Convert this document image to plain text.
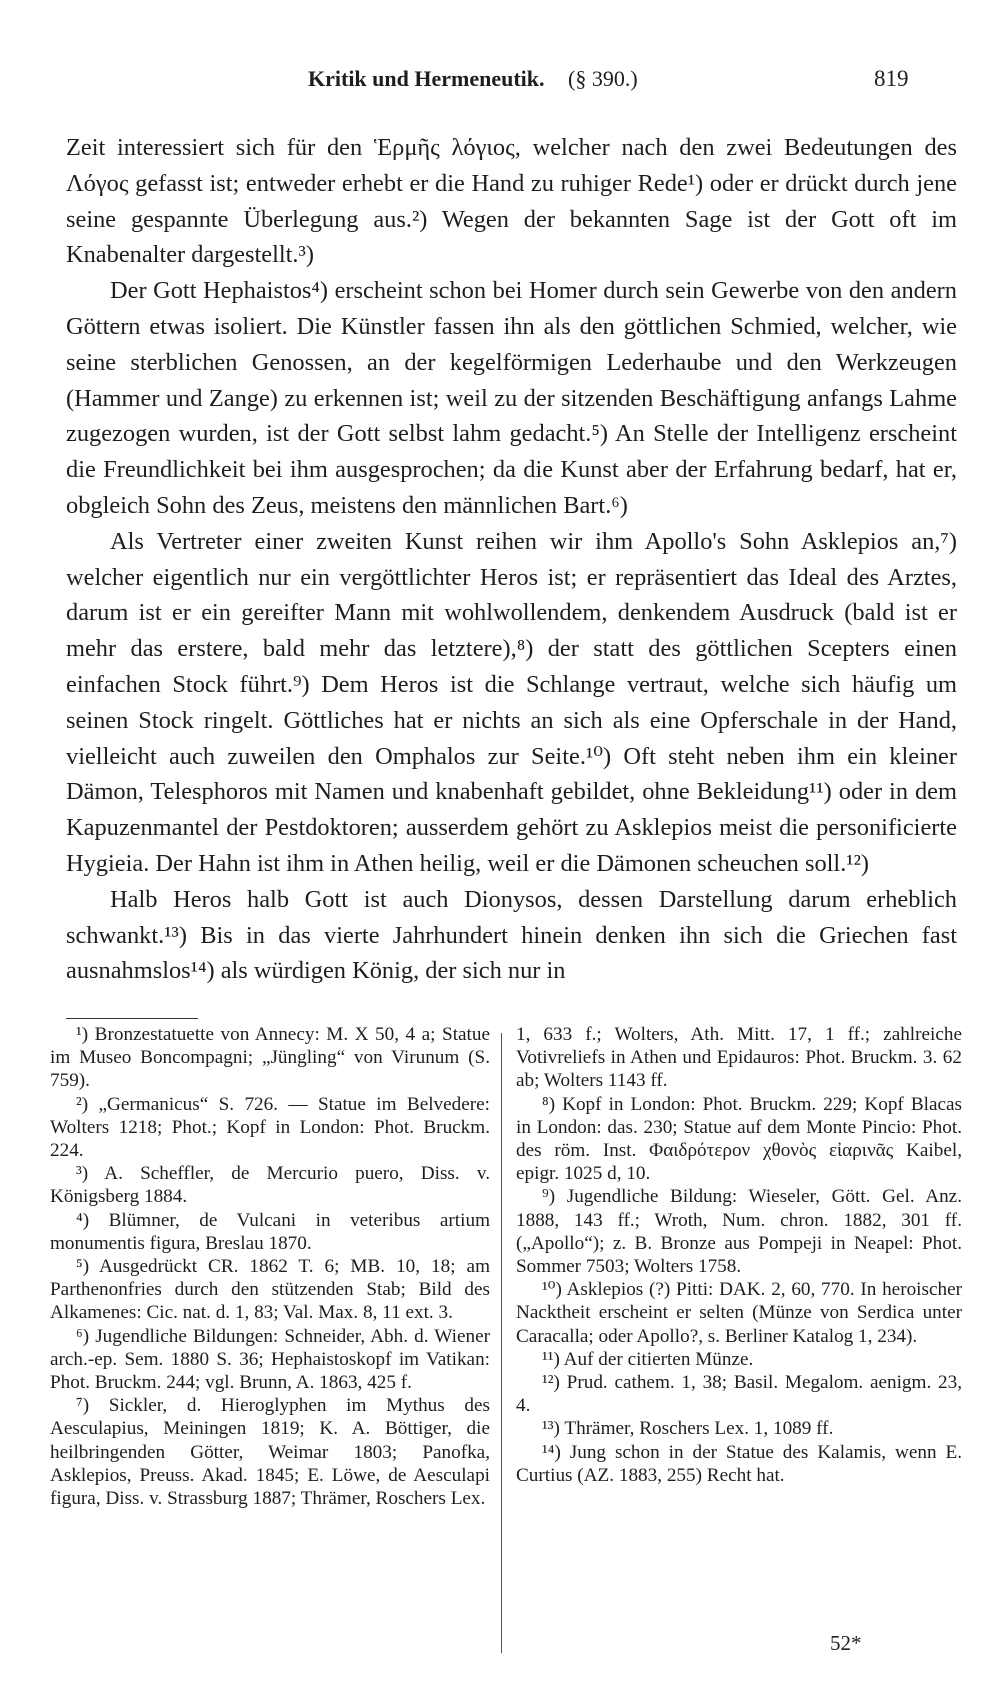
Kritik und Hermeneutik. (§ 390.)	819

Zeit interessiert sich für den Ἑρμῆς λόγιος, welcher nach den zwei Bedeutungen des Λόγος gefasst ist; entweder erhebt er die Hand zu ruhiger Rede¹) oder er drückt durch jene seine gespannte Überlegung aus.²) Wegen der bekannten Sage ist der Gott oft im Knabenalter dargestellt.³)

Der Gott Hephaistos⁴) erscheint schon bei Homer durch sein Gewerbe von den andern Göttern etwas isoliert. Die Künstler fassen ihn als den göttlichen Schmied, welcher, wie seine sterblichen Genossen, an der kegelförmigen Lederhaube und den Werkzeugen (Hammer und Zange) zu erkennen ist; weil zu der sitzenden Beschäftigung anfangs Lahme zugezogen wurden, ist der Gott selbst lahm gedacht.⁵) An Stelle der Intelligenz erscheint die Freundlichkeit bei ihm ausgesprochen; da die Kunst aber der Erfahrung bedarf, hat er, obgleich Sohn des Zeus, meistens den männlichen Bart.⁶)

Als Vertreter einer zweiten Kunst reihen wir ihm Apollo's Sohn Asklepios an,⁷) welcher eigentlich nur ein vergöttlichter Heros ist; er repräsentiert das Ideal des Arztes, darum ist er ein gereifter Mann mit wohlwollendem, denkendem Ausdruck (bald ist er mehr das erstere, bald mehr das letztere),⁸) der statt des göttlichen Scepters einen einfachen Stock führt.⁹) Dem Heros ist die Schlange vertraut, welche sich häufig um seinen Stock ringelt. Göttliches hat er nichts an sich als eine Opferschale in der Hand, vielleicht auch zuweilen den Omphalos zur Seite.¹⁰) Oft steht neben ihm ein kleiner Dämon, Telesphoros mit Namen und knabenhaft gebildet, ohne Bekleidung¹¹) oder in dem Kapuzenmantel der Pestdoktoren; ausserdem gehört zu Asklepios meist die personificierte Hygieia. Der Hahn ist ihm in Athen heilig, weil er die Dämonen scheuchen soll.¹²)

Halb Heros halb Gott ist auch Dionysos, dessen Darstellung darum erheblich schwankt.¹³) Bis in das vierte Jahrhundert hinein denken ihn sich die Griechen fast ausnahmslos¹⁴) als würdigen König, der sich nur in

¹) Bronzestatuette von Annecy: M. X 50, 4 a; Statue im Museo Boncompagni; „Jüngling“ von Virunum (S. 759).

²) „Germanicus“ S. 726. — Statue im Belvedere: Wolters 1218; Phot.; Kopf in London: Phot. Bruckm. 224.

³) A. Scheffler, de Mercurio puero, Diss. v. Königsberg 1884.

⁴) Blümner, de Vulcani in veteribus artium monumentis figura, Breslau 1870.

⁵) Ausgedrückt CR. 1862 T. 6; MB. 10, 18; am Parthenonfries durch den stützenden Stab; Bild des Alkamenes: Cic. nat. d. 1, 83; Val. Max. 8, 11 ext. 3.

⁶) Jugendliche Bildungen: Schneider, Abh. d. Wiener arch.-ep. Sem. 1880 S. 36; Hephaistoskopf im Vatikan: Phot. Bruckm. 244; vgl. Brunn, A. 1863, 425 f.

⁷) Sickler, d. Hieroglyphen im Mythus des Aesculapius, Meiningen 1819; K. A. Böttiger, die heilbringenden Götter, Weimar 1803; Panofka, Asklepios, Preuss. Akad. 1845; E. Löwe, de Aesculapi figura, Diss. v. Strassburg 1887; Thrämer, Roschers Lex.

1, 633 f.; Wolters, Ath. Mitt. 17, 1 ff.; zahlreiche Votivreliefs in Athen und Epidauros: Phot. Bruckm. 3. 62 ab; Wolters 1143 ff.

⁸) Kopf in London: Phot. Bruckm. 229; Kopf Blacas in London: das. 230; Statue auf dem Monte Pincio: Phot. des röm. Inst. Φαιδρότερον χθονὸς εἰαρινᾶς Kaibel, epigr. 1025 d, 10.

⁹) Jugendliche Bildung: Wieseler, Gött. Gel. Anz. 1888, 143 ff.; Wroth, Num. chron. 1882, 301 ff. („Apollo“); z. B. Bronze aus Pompeji in Neapel: Phot. Sommer 7503; Wolters 1758.

¹⁰) Asklepios (?) Pitti: DAK. 2, 60, 770. In heroischer Nacktheit erscheint er selten (Münze von Serdica unter Caracalla; oder Apollo?, s. Berliner Katalog 1, 234).

¹¹) Auf der citierten Münze.

¹²) Prud. cathem. 1, 38; Basil. Megalom. aenigm. 23, 4.

¹³) Thrämer, Roschers Lex. 1, 1089 ff.

¹⁴) Jung schon in der Statue des Kalamis, wenn E. Curtius (AZ. 1883, 255) Recht hat.

52*
